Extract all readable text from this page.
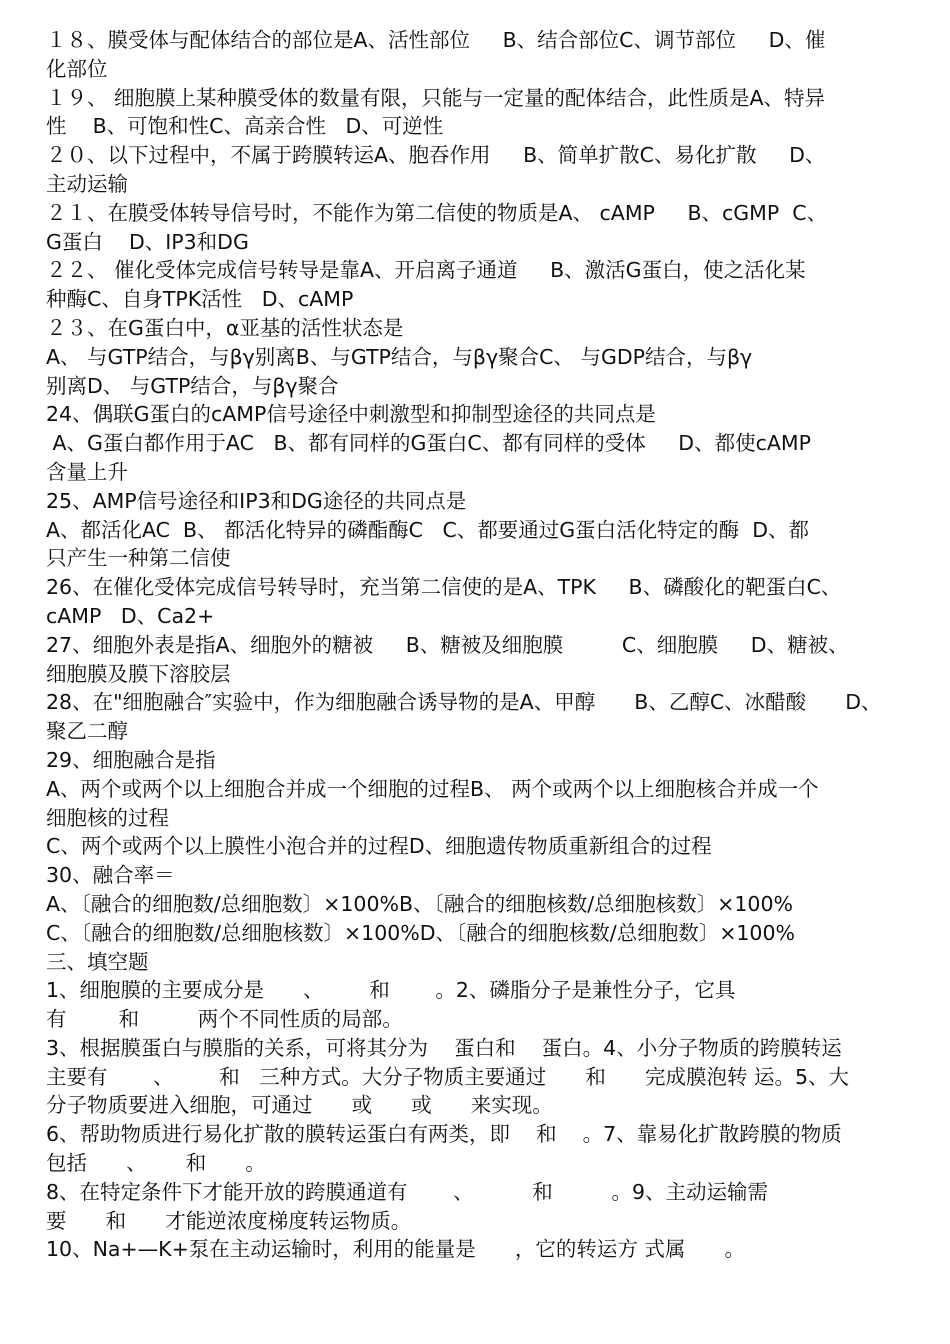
１８、膜受体与配体结合的部位是A、活性部位     B、结合部位C、调节部位     D、催
化部位
１９、 细胞膜上某种膜受体的数量有限，只能与一定量的配体结合，此性质是A、特异
性    B、可饱和性C、高亲合性   D、可逆性
２０、以下过程中，不属于跨膜转运A、胞吞作用     B、简单扩散C、易化扩散     D、
主动运输
２１、在膜受体转导信号时，不能作为第二信使的物质是A、 cAMP     B、cGMP  C、
G蛋白    D、IP3和DG
２２、 催化受体完成信号转导是靠A、开启离子通道     B、激活G蛋白，使之活化某
种酶C、自身TPK活性   D、cAMP
２３、在G蛋白中，α亚基的活性状态是
A、 与GTP结合，与βγ别离B、与GTP结合，与βγ聚合C、 与GDP结合，与βγ
别离D、 与GTP结合，与βγ聚合
24、偶联G蛋白的cAMP信号途径中刺激型和抑制型途径的共同点是
A、G蛋白都作用于AC   B、都有同样的G蛋白C、都有同样的受体     D、都使cAMP
含量上升
25、AMP信号途径和IP3和DG途径的共同点是
A、都活化AC  B、 都活化特异的磷酯酶C   C、都要通过G蛋白活化特定的酶  D、都
只产生一种第二信使
26、在催化受体完成信号转导时，充当第二信使的是A、TPK     B、磷酸化的靶蛋白C、
cAMP   D、Ca2+
27、细胞外表是指A、细胞外的糖被     B、糖被及细胞膜         C、细胞膜     D、糖被、
细胞膜及膜下溶胶层
28、在"细胞融合″实验中，作为细胞融合诱导物的是A、甲醇      B、乙醇C、冰醋酸      D、
聚乙二醇
29、细胞融合是指
A、两个或两个以上细胞合并成一个细胞的过程B、 两个或两个以上细胞核合并成一个
细胞核的过程
C、两个或两个以上膜性小泡合并的过程D、细胞遗传物质重新组合的过程
30、融合率＝
A、〔融合的细胞数/总细胞数〕×100%B、〔融合的细胞核数/总细胞核数〕×100%
C、〔融合的细胞数/总细胞核数〕×100%D、〔融合的细胞核数/总细胞数〕×100%
三、填空题
1、细胞膜的主要成分是      、       和       。2、磷脂分子是兼性分子，它具
有        和         两个不同性质的局部。
3、根据膜蛋白与膜脂的关系，可将其分为    蛋白和    蛋白。4、小分子物质的跨膜转运
主要有       、       和   三种方式。大分子物质主要通过      和      完成膜泡转 运。5、大
分子物质要进入细胞，可通过      或      或      来实现。
6、帮助物质进行易化扩散的膜转运蛋白有两类，即    和    。7、靠易化扩散跨膜的物质
包括      、      和      。
8、在特定条件下才能开放的跨膜通道有       、         和         。9、主动运输需
要      和      才能逆浓度梯度转运物质。
10、Na+—K+泵在主动运输时，利用的能量是      ，它的转运方 式属      。
